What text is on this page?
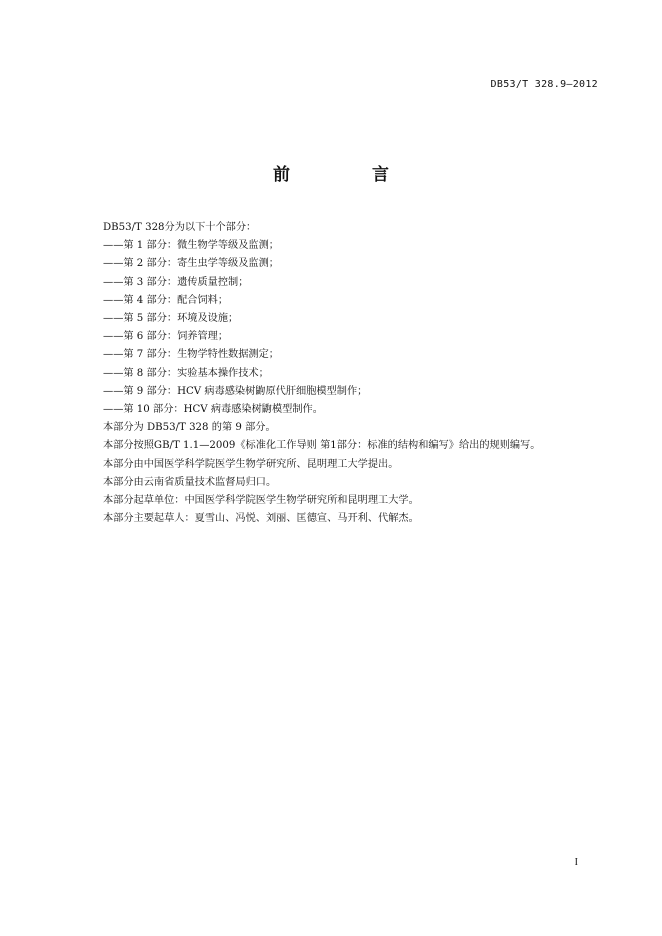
DB53/T 328.9—2012
前 言
DB53/T 328分为以下十个部分：
——第 1 部分：微生物学等级及监测；
——第 2 部分：寄生虫学等级及监测；
——第 3 部分：遗传质量控制；
——第 4 部分：配合饲料；
——第 5 部分：环境及设施；
——第 6 部分：饲养管理；
——第 7 部分：生物学特性数据测定；
——第 8 部分：实验基本操作技术；
——第 9 部分：HCV 病毒感染树鼩原代肝细胞模型制作；
——第 10 部分：HCV 病毒感染树鼩模型制作。
本部分为 DB53/T 328 的第 9 部分。
本部分按照GB/T 1.1—2009《标准化工作导则 第1部分：标准的结构和编写》给出的规则编写。
本部分由中国医学科学院医学生物学研究所、昆明理工大学提出。
本部分由云南省质量技术监督局归口。
本部分起草单位：中国医学科学院医学生物学研究所和昆明理工大学。
本部分主要起草人：夏雪山、冯悦、刘丽、匡德宣、马开利、代解杰。
I
